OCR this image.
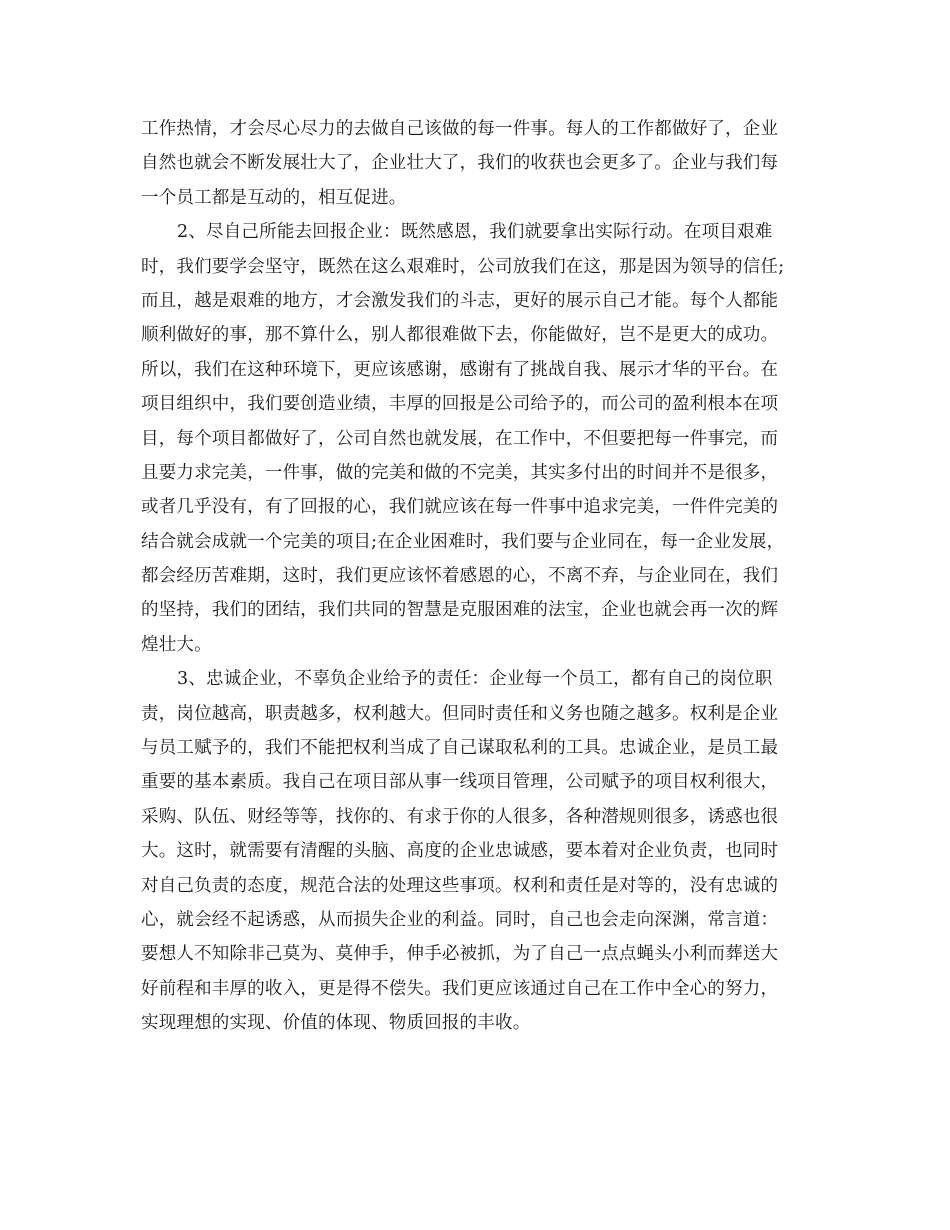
工作热情，才会尽心尽力的去做自己该做的每一件事。每人的工作都做好了，企业
自然也就会不断发展壮大了，企业壮大了，我们的收获也会更多了。企业与我们每
一个员工都是互动的，相互促进。
2、尽自己所能去回报企业：既然感恩，我们就要拿出实际行动。在项目艰难
时，我们要学会坚守，既然在这么艰难时，公司放我们在这，那是因为领导的信任;
而且，越是艰难的地方，才会激发我们的斗志，更好的展示自己才能。每个人都能
顺利做好的事，那不算什么，别人都很难做下去，你能做好，岂不是更大的成功。
所以，我们在这种环境下，更应该感谢，感谢有了挑战自我、展示才华的平台。在
项目组织中，我们要创造业绩，丰厚的回报是公司给予的，而公司的盈利根本在项
目，每个项目都做好了，公司自然也就发展，在工作中，不但要把每一件事完，而
且要力求完美，一件事，做的完美和做的不完美，其实多付出的时间并不是很多，
或者几乎没有，有了回报的心，我们就应该在每一件事中追求完美，一件件完美的
结合就会成就一个完美的项目;在企业困难时，我们要与企业同在，每一企业发展，
都会经历苦难期，这时，我们更应该怀着感恩的心，不离不弃，与企业同在，我们
的坚持，我们的团结，我们共同的智慧是克服困难的法宝，企业也就会再一次的辉
煌壮大。
3、忠诚企业，不辜负企业给予的责任：企业每一个员工，都有自己的岗位职
责，岗位越高，职责越多，权利越大。但同时责任和义务也随之越多。权利是企业
与员工赋予的，我们不能把权利当成了自己谋取私利的工具。忠诚企业，是员工最
重要的基本素质。我自己在项目部从事一线项目管理，公司赋予的项目权利很大，
采购、队伍、财经等等，找你的、有求于你的人很多，各种潜规则很多，诱惑也很
大。这时，就需要有清醒的头脑、高度的企业忠诚感，要本着对企业负责，也同时
对自己负责的态度，规范合法的处理这些事项。权利和责任是对等的，没有忠诚的
心，就会经不起诱惑，从而损失企业的利益。同时，自己也会走向深渊，常言道：
要想人不知除非己莫为、莫伸手，伸手必被抓，为了自己一点点蝇头小利而葬送大
好前程和丰厚的收入，更是得不偿失。我们更应该通过自己在工作中全心的努力，
实现理想的实现、价值的体现、物质回报的丰收。
